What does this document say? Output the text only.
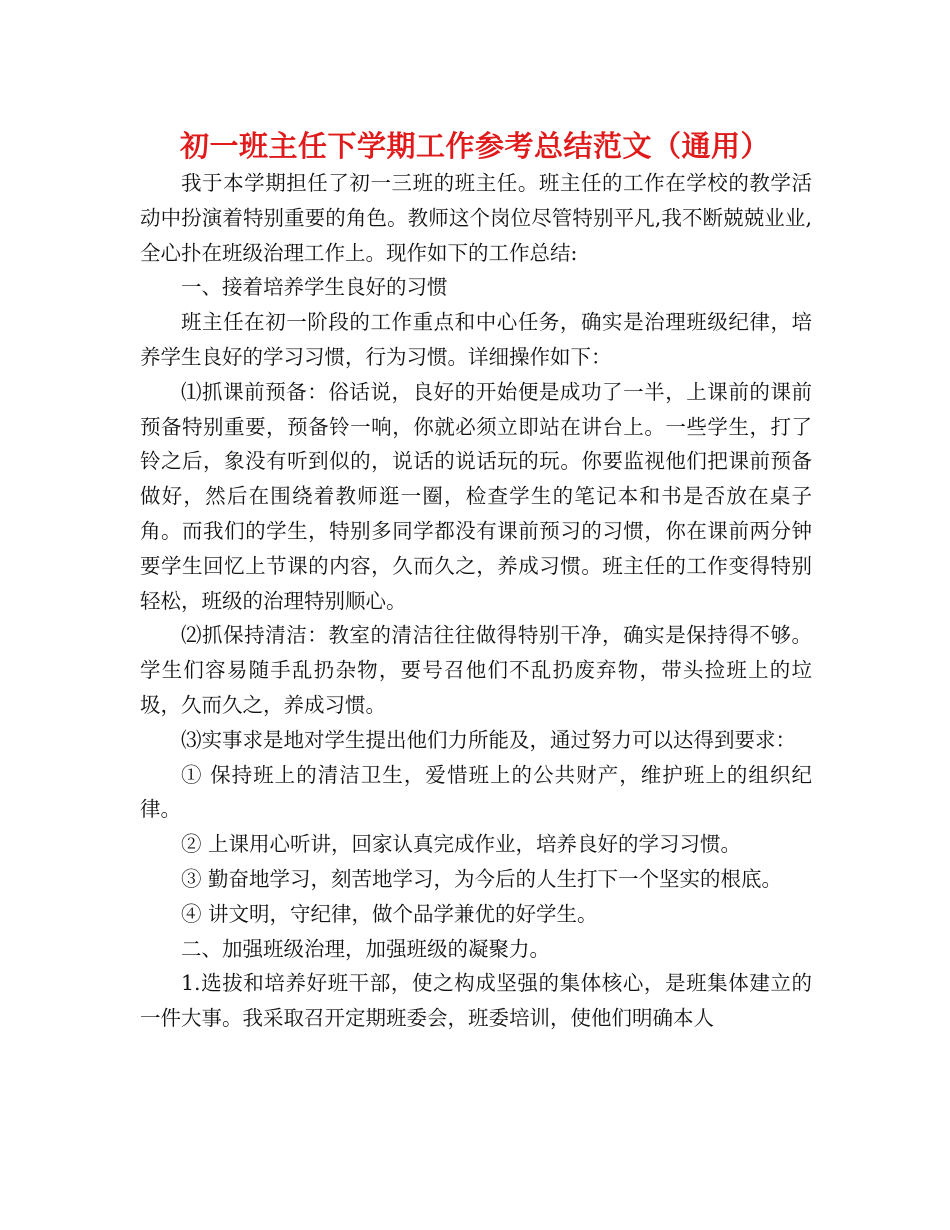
初一班主任下学期工作参考总结范文（通用）

我于本学期担任了初一三班的班主任。班主任的工作在学校的教学活动中扮演着特别重要的角色。教师这个岗位尽管特别平凡,我不断兢兢业业,全心扑在班级治理工作上。现作如下的工作总结:

一、接着培养学生良好的习惯

班主任在初一阶段的工作重点和中心任务，确实是治理班级纪律，培养学生良好的学习习惯，行为习惯。详细操作如下：

⑴抓课前预备：俗话说，良好的开始便是成功了一半，上课前的课前预备特别重要，预备铃一响，你就必须立即站在讲台上。一些学生，打了铃之后，象没有听到似的，说话的说话玩的玩。你要监视他们把课前预备做好，然后在围绕着教师逛一圈，检查学生的笔记本和书是否放在桌子角。而我们的学生，特别多同学都没有课前预习的习惯，你在课前两分钟要学生回忆上节课的内容，久而久之，养成习惯。班主任的工作变得特别轻松，班级的治理特别顺心。

⑵抓保持清洁：教室的清洁往往做得特别干净，确实是保持得不够。学生们容易随手乱扔杂物，要号召他们不乱扔废弃物，带头捡班上的垃圾，久而久之，养成习惯。

⑶实事求是地对学生提出他们力所能及，通过努力可以达得到要求：

① 保持班上的清洁卫生，爱惜班上的公共财产，维护班上的组织纪律。

② 上课用心听讲，回家认真完成作业，培养良好的学习习惯。

③ 勤奋地学习，刻苦地学习，为今后的人生打下一个坚实的根底。

④ 讲文明，守纪律，做个品学兼优的好学生。

二、加强班级治理，加强班级的凝聚力。

1.选拔和培养好班干部，使之构成坚强的集体核心，是班集体建立的一件大事。我采取召开定期班委会，班委培训，使他们明确本人
